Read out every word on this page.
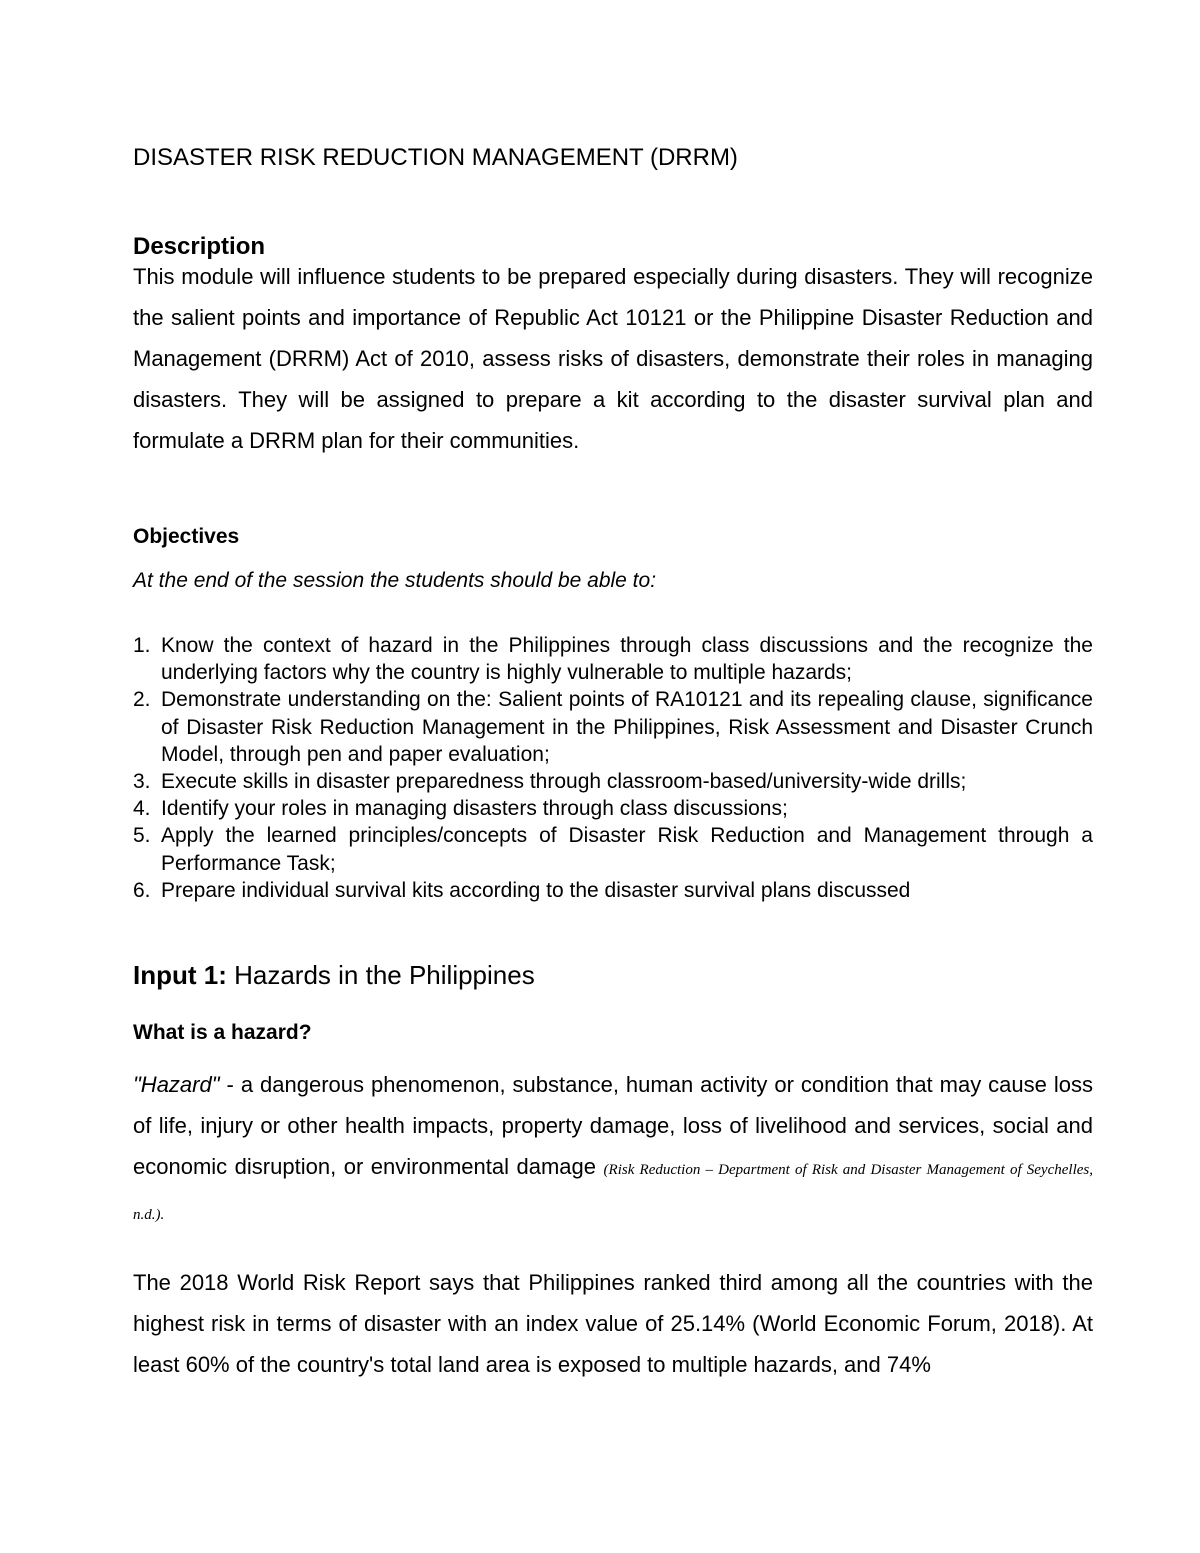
DISASTER RISK REDUCTION MANAGEMENT (DRRM)
Description

This module will influence students to be prepared especially during disasters. They will recognize the salient points and importance of Republic Act 10121 or the Philippine Disaster Reduction and Management (DRRM) Act of 2010, assess risks of disasters, demonstrate their roles in managing disasters. They will be assigned to prepare a kit according to the disaster survival plan and formulate a DRRM plan for their communities.

Objectives
At the end of the session the students should be able to:
1. Know the context of hazard in the Philippines through class discussions and the recognize the underlying factors why the country is highly vulnerable to multiple hazards;
2. Demonstrate understanding on the: Salient points of RA10121 and its repealing clause, significance of Disaster Risk Reduction Management in the Philippines, Risk Assessment and Disaster Crunch Model, through pen and paper evaluation;
3. Execute skills in disaster preparedness through classroom-based/university-wide drills;
4. Identify your roles in managing disasters through class discussions;
5. Apply the learned principles/concepts of Disaster Risk Reduction and Management through a Performance Task;
6. Prepare individual survival kits according to the disaster survival plans discussed
Input 1: Hazards in the Philippines
What is a hazard?

"Hazard" - a dangerous phenomenon, substance, human activity or condition that may cause loss of life, injury or other health impacts, property damage, loss of livelihood and services, social and economic disruption, or environmental damage (Risk Reduction – Department of Risk and Disaster Management of Seychelles, n.d.).

The 2018 World Risk Report says that Philippines ranked third among all the countries with the highest risk in terms of disaster with an index value of 25.14% (World Economic Forum, 2018). At least 60% of the country's total land area is exposed to multiple hazards, and 74%
